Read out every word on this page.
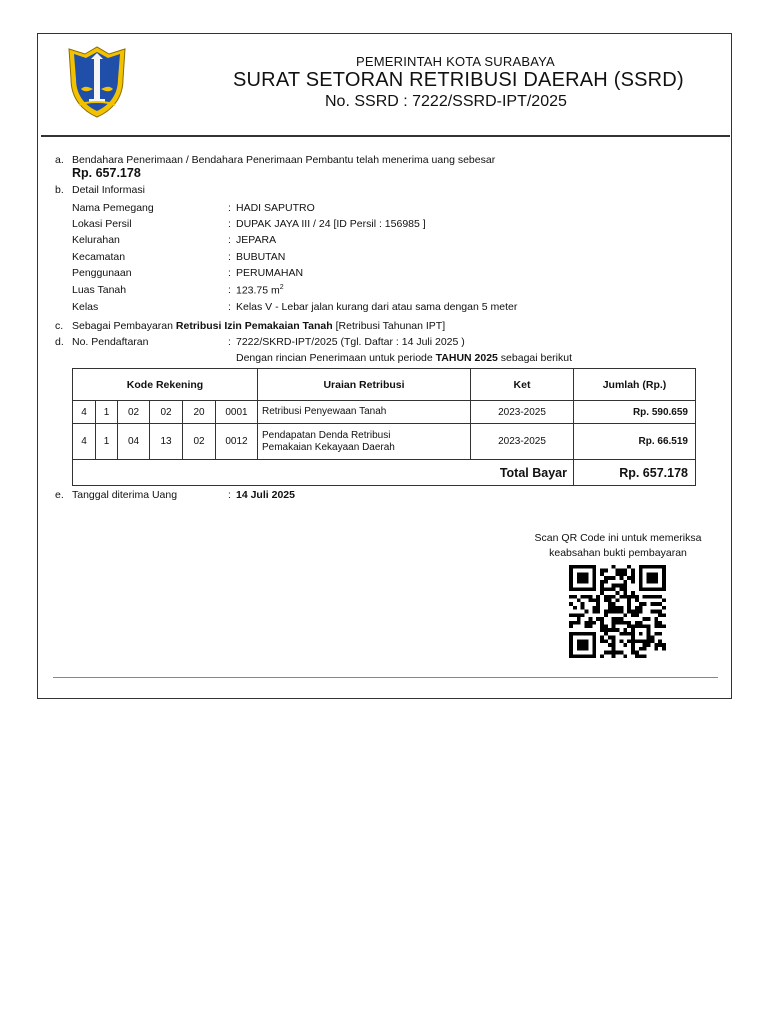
PEMERINTAH KOTA SURABAYA
SURAT SETORAN RETRIBUSI DAERAH (SSRD)
No. SSRD : 7222/SSRD-IPT/2025
a. Bendahara Penerimaan / Bendahara Penerimaan Pembantu telah menerima uang sebesar
Rp. 657.178
b. Detail Informasi
Nama Pemegang	: HADI SAPUTRO
Lokasi Persil	: DUPAK JAYA III / 24 [ID Persil : 156985 ]
Kelurahan	: JEPARA
Kecamatan	: BUBUTAN
Penggunaan	: PERUMAHAN
Luas Tanah	: 123.75 $m^2$
Kelas	: Kelas V - Lebar jalan kurang dari atau sama dengan 5 meter
c. Sebagai Pembayaran Retribusi Izin Pemakaian Tanah [Retribusi Tahunan IPT]
d. No. Pendaftaran	: 7222/SKRD-IPT/2025 (Tgl. Daftar : 14 Juli 2025 )
Dengan rincian Penerimaan untuk periode TAHUN 2025 sebagai berikut
Kode Rekening						Uraian Retribusi	Ket	Jumlah (Rp.)
4	1	02	02	20	0001	Retribusi Penyewaan Tanah	2023-2025	Rp. 590.659
4	1	04	13	02	0012	Pendapatan Denda Retribusi
Pemakaian Kekayaan Daerah	2023-2025	Rp. 66.519
Total Bayar								Rp. 657.178
e. Tanggal diterima Uang	: 14 Juli 2025
Scan QR Code ini untuk memeriksa
keabsahan bukti pembayaran
